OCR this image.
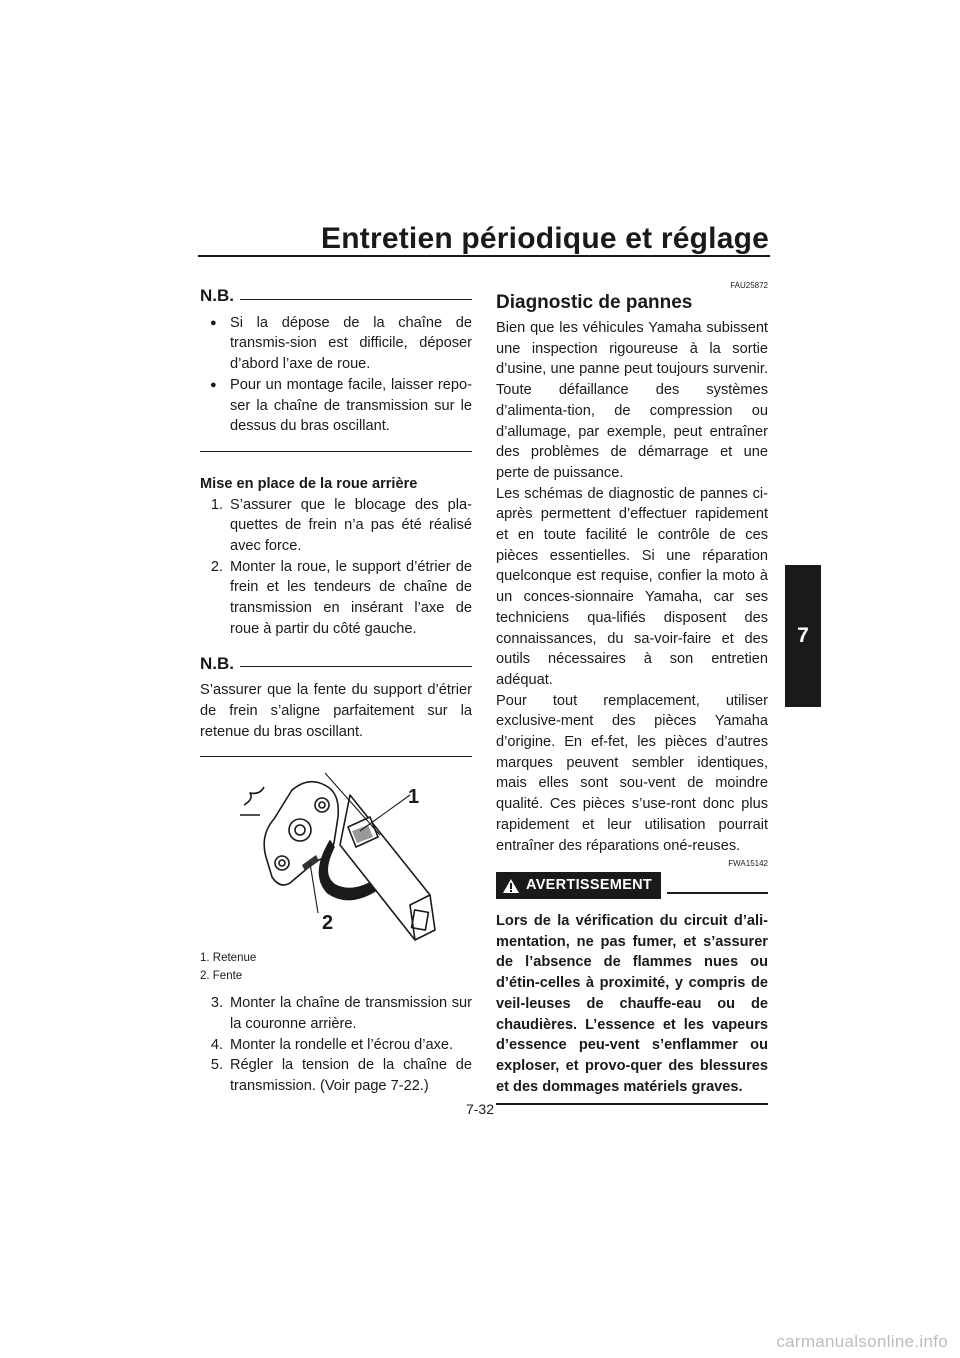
Entretien périodique et réglage
7
N.B.
● Si la dépose de la chaîne de transmis-sion est difficile, déposer d’abord l’axe de roue.
● Pour un montage facile, laisser repo-ser la chaîne de transmission sur le dessus du bras oscillant.
Mise en place de la roue arrière
1. S’assurer que le blocage des pla-quettes de frein n’a pas été réalisé avec force.
2. Monter la roue, le support d’étrier de frein et les tendeurs de chaîne de transmission en insérant l’axe de roue à partir du côté gauche.
N.B.

S’assurer que la fente du support d’étrier de frein s’aligne parfaitement sur la retenue du bras oscillant.

1
2
1. Retenue
2. Fente
3. Monter la chaîne de transmission sur la couronne arrière.
4. Monter la rondelle et l’écrou d’axe.
5. Régler la tension de la chaîne de transmission. (Voir page 7-22.)
FAU25872
Diagnostic de pannes

Bien que les véhicules Yamaha subissent une inspection rigoureuse à la sortie d’usine, une panne peut toujours survenir. Toute défaillance des systèmes d’alimenta-tion, de compression ou d’allumage, par exemple, peut entraîner des problèmes de démarrage et une perte de puissance.

Les schémas de diagnostic de pannes ci-après permettent d’effectuer rapidement et en toute facilité le contrôle de ces pièces essentielles. Si une réparation quelconque est requise, confier la moto à un conces-sionnaire Yamaha, car ses techniciens qua-lifiés disposent des connaissances, du sa-voir-faire et des outils nécessaires à son entretien adéquat.

Pour tout remplacement, utiliser exclusive-ment des pièces Yamaha d’origine. En ef-fet, les pièces d’autres marques peuvent sembler identiques, mais elles sont sou-vent de moindre qualité. Ces pièces s’use-ront donc plus rapidement et leur utilisation pourrait entraîner des réparations oné-reuses.

FWA15142
AVERTISSEMENT
Lors de la vérification du circuit d’ali-mentation, ne pas fumer, et s’assurer de l’absence de flammes nues ou d’étin-celles à proximité, y compris de veil-leuses de chauffe-eau ou de chaudières. L’essence et les vapeurs d’essence peu-vent s’enflammer ou exploser, et provo-quer des blessures et des dommages matériels graves.
7-32
carmanualsonline.info
